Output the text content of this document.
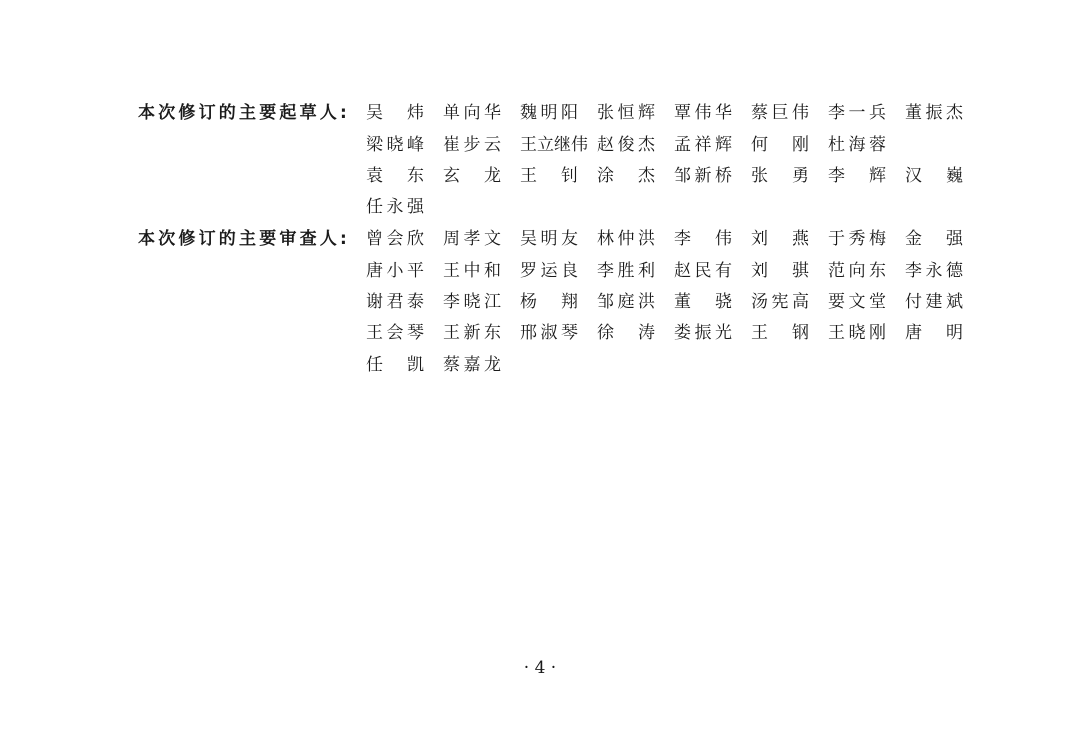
本次修订的主要起草人: 吴 炜 单 向 华 魏 明 阳 张 恒 辉 覃 伟 华 蔡 巨 伟 李 一 兵 董 振 杰
梁 晓 峰 崔 步 云 王立继伟 赵 俊 杰 孟 祥 辉 何 刚 杜 海 蓉
袁 东 玄 龙 王 钊 涂 杰 邹 新 桥 张 勇 李 辉 汉 巍
任 永 强
本次修订的主要审查人: 曾 会 欣 周 孝 文 吴 明 友 林 仲 洪 李 伟 刘 燕 于 秀 梅 金 强
唐 小 平 王 中 和 罗 运 良 李 胜 利 赵 民 有 刘 骐 范 向 东 李 永 德
谢 君 泰 李 晓 江 杨 翔 邹 庭 洪 董 骁 汤 宪 高 要 文 堂 付 建 斌
王 会 琴 王 新 东 邢 淑 琴 徐 涛 娄 振 光 王 钢 王 晓 刚 唐 明
任 凯 蔡 嘉 龙
· 4 ·
